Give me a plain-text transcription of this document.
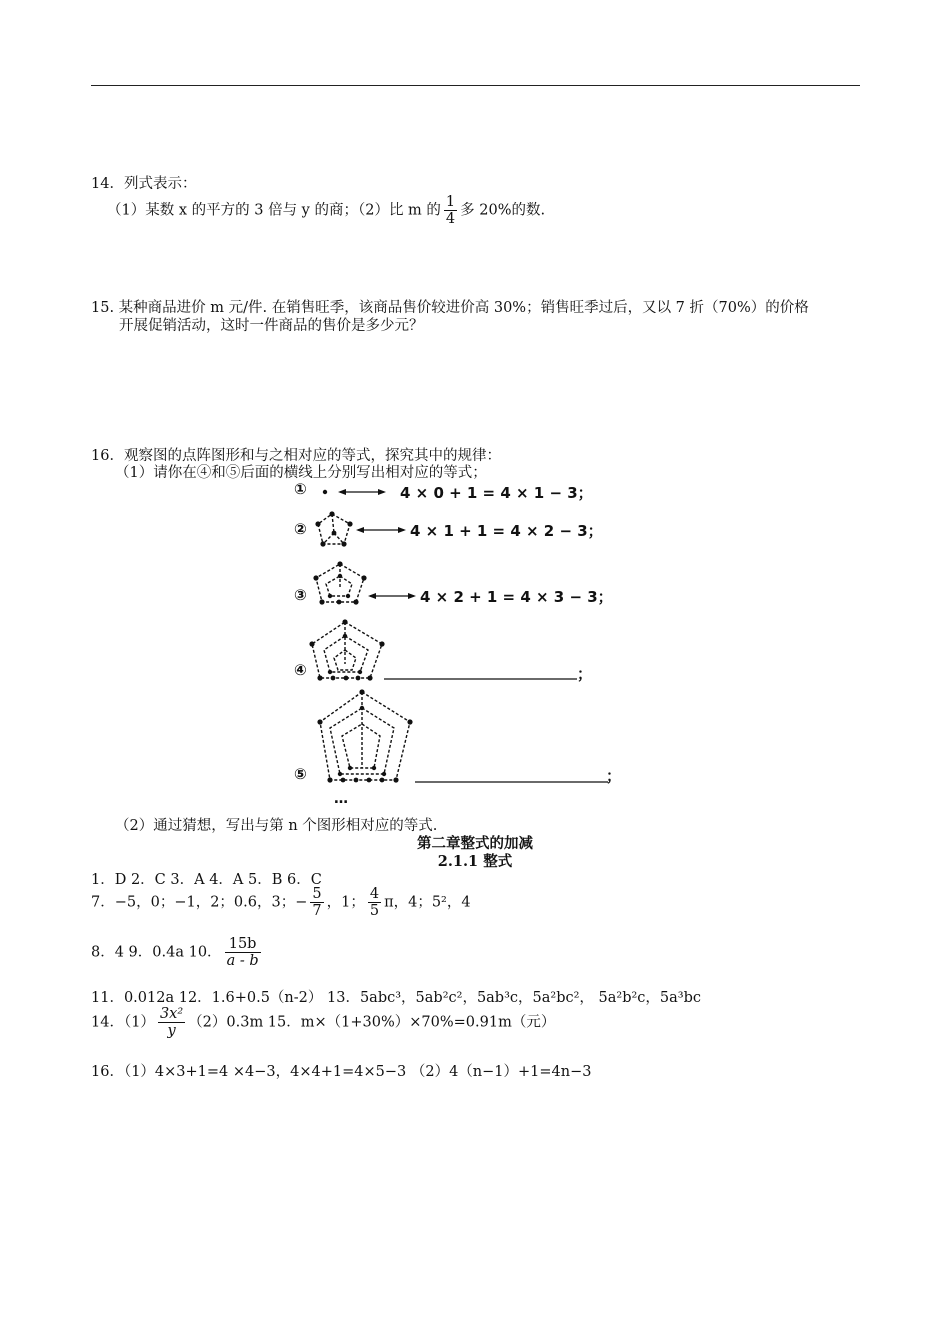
14．列式表示：
（1）某数 x 的平方的 3 倍与 y 的商；（2）比 m 的 $\frac{1}{4}$ 多 20%的数.
15. 某种商品进价 m 元/件. 在销售旺季，该商品售价较进价高 30%；销售旺季过后，又以 7 折（70%）的价格
开展促销活动，这时一件商品的售价是多少元？
16．观察图的点阵图形和与之相对应的等式，探究其中的规律：
（1）请你在④和⑤后面的横线上分别写出相对应的等式；
①	4 × 0 + 1 = 4 × 1 − 3；
②	4 × 1 + 1 = 4 × 2 − 3；
③	4 × 2 + 1 = 4 × 3 − 3；
④	；
⑤	；
…
（2）通过猜想，写出与第 n 个图形相对应的等式.
第二章整式的加减
2.1.1 整式
1．D 2．C 3．A 4．A 5．B 6．C
7．−5，0；−1，2；0.6，3；− $\frac{5}{7}$ ，1； $\frac{4}{5}$ π，4；5²，4
8．4 9．0.4a 10． $\frac{15b}{a - b}$
11．0.012a 12．1.6+0.5（n-2） 13．5abc³，5ab²c²，5ab³c，5a²bc²， 5a²b²c，5a³bc
14．$(1) \frac{\text{3x²}}{y} (2)0.3m$ 15．m×（1+30%）×70%=0.91m（元）
16．（1）4×3+1=4 ×4−3，4×4+1=4×5−3 （2）4（n−1）+1=4n−3
